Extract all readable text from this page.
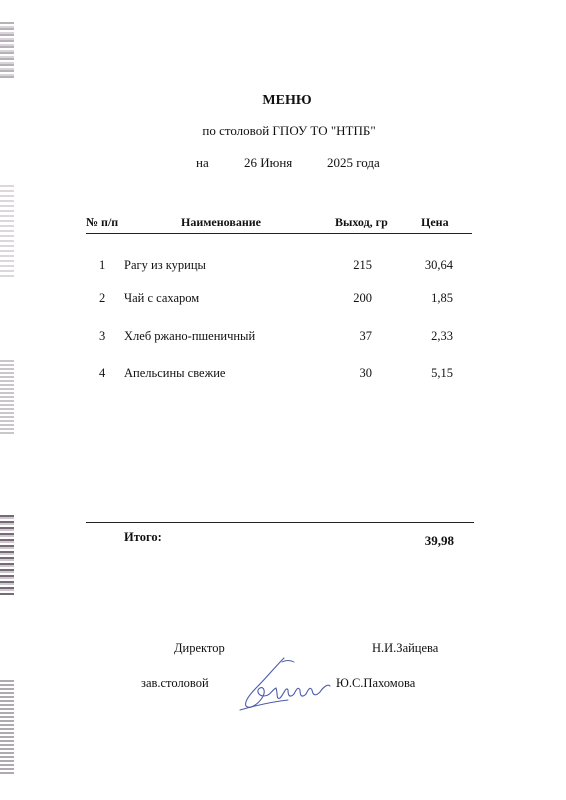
МЕНЮ
по столовой ГПОУ ТО "НТПБ"
на	26 Июня	2025 года
№ п/п	Наименование	Выход, гр	Цена
1 Рагу из курицы	215	30,64
2 Чай с сахаром	200	1,85
3 Хлеб ржано-пшеничный	37	2,33
4 Апельсины свежие	30	5,15
Итого:	39,98
Директор	Н.И.Зайцева
зав.столовой	Ю.С.Пахомова
